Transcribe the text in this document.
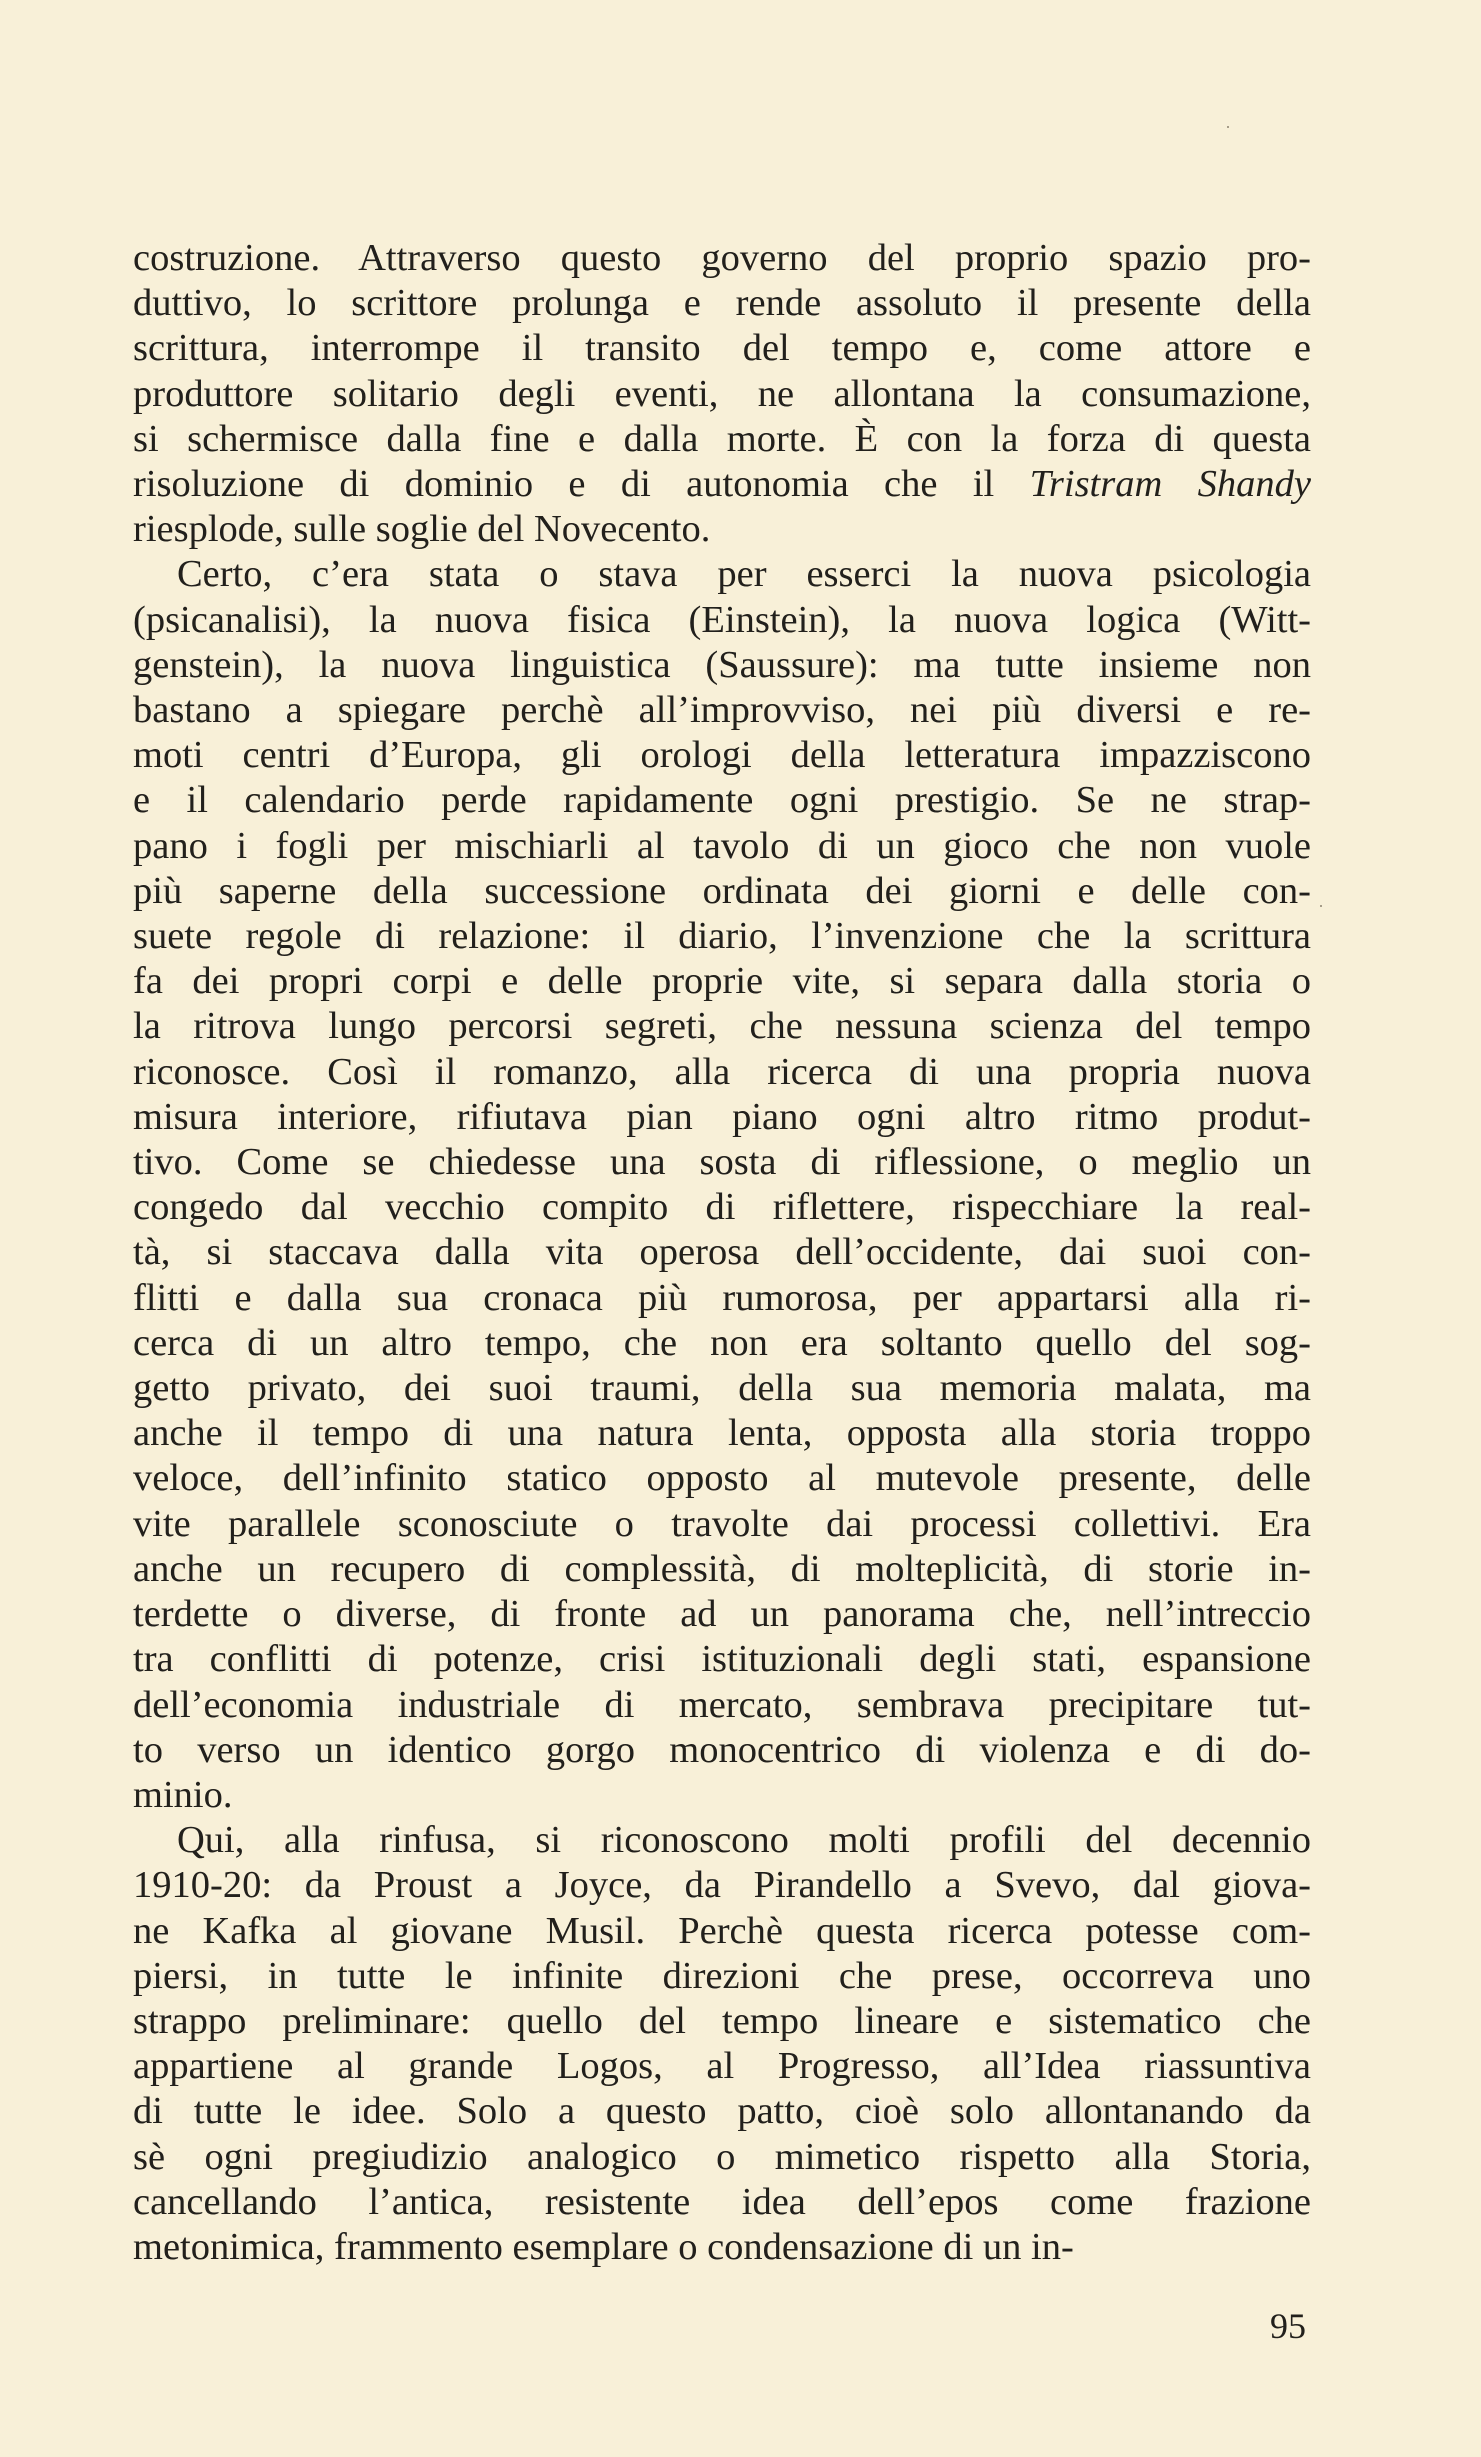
costruzione. Attraverso questo governo del proprio spazio pro-
duttivo, lo scrittore prolunga e rende assoluto il presente della
scrittura, interrompe il transito del tempo e, come attore e
produttore solitario degli eventi, ne allontana la consumazione,
si schermisce dalla fine e dalla morte. È con la forza di questa
risoluzione di dominio e di autonomia che il Tristram Shandy
riesplode, sulle soglie del Novecento.

Certo, c’era stata o stava per esserci la nuova psicologia
(psicanalisi), la nuova fisica (Einstein), la nuova logica (Witt-
genstein), la nuova linguistica (Saussure): ma tutte insieme non
bastano a spiegare perchè all’improvviso, nei più diversi e re-
moti centri d’Europa, gli orologi della letteratura impazziscono
e il calendario perde rapidamente ogni prestigio. Se ne strap-
pano i fogli per mischiarli al tavolo di un gioco che non vuole
più saperne della successione ordinata dei giorni e delle con-
suete regole di relazione: il diario, l’invenzione che la scrittura
fa dei propri corpi e delle proprie vite, si separa dalla storia o
la ritrova lungo percorsi segreti, che nessuna scienza del tempo
riconosce. Così il romanzo, alla ricerca di una propria nuova
misura interiore, rifiutava pian piano ogni altro ritmo produt-
tivo. Come se chiedesse una sosta di riflessione, o meglio un
congedo dal vecchio compito di riflettere, rispecchiare la real-
tà, si staccava dalla vita operosa dell’occidente, dai suoi con-
flitti e dalla sua cronaca più rumorosa, per appartarsi alla ri-
cerca di un altro tempo, che non era soltanto quello del sog-
getto privato, dei suoi traumi, della sua memoria malata, ma
anche il tempo di una natura lenta, opposta alla storia troppo
veloce, dell’infinito statico opposto al mutevole presente, delle
vite parallele sconosciute o travolte dai processi collettivi. Era
anche un recupero di complessità, di molteplicità, di storie in-
terdette o diverse, di fronte ad un panorama che, nell’intreccio
tra conflitti di potenze, crisi istituzionali degli stati, espansione
dell’economia industriale di mercato, sembrava precipitare tut-
to verso un identico gorgo monocentrico di violenza e di do-
minio.

Qui, alla rinfusa, si riconoscono molti profili del decennio
1910-20: da Proust a Joyce, da Pirandello a Svevo, dal giova-
ne Kafka al giovane Musil. Perchè questa ricerca potesse com-
piersi, in tutte le infinite direzioni che prese, occorreva uno
strappo preliminare: quello del tempo lineare e sistematico che
appartiene al grande Logos, al Progresso, all’Idea riassuntiva
di tutte le idee. Solo a questo patto, cioè solo allontanando da
sè ogni pregiudizio analogico o mimetico rispetto alla Storia,
cancellando l’antica, resistente idea dell’epos come frazione
metonimica, frammento esemplare o condensazione di un in-

95
